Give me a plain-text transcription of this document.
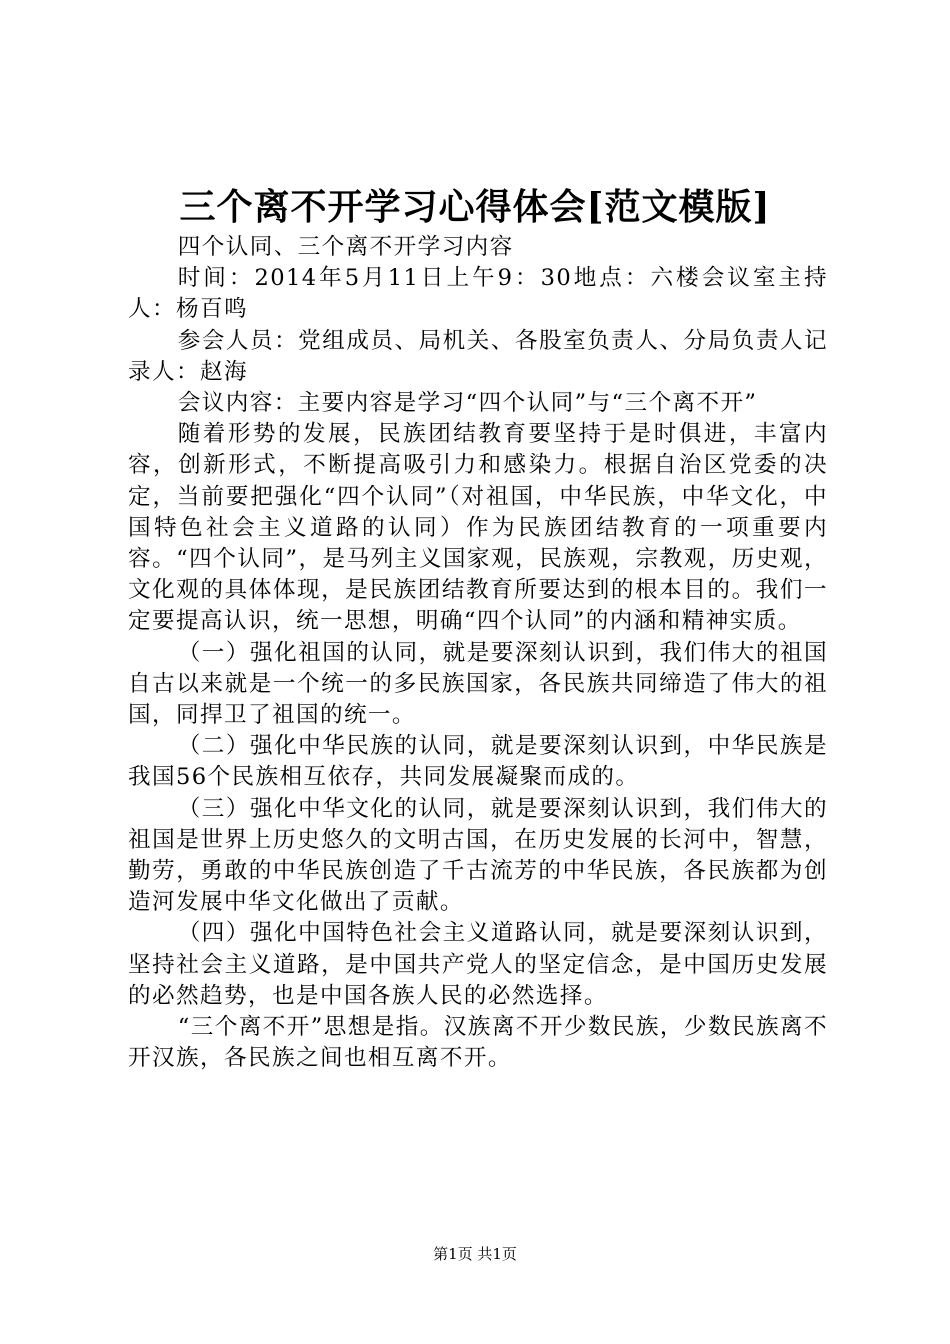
三个离不开学习心得体会[范文模版]

四个认同、三个离不开学习内容

时间：2014年5月11日上午9：30地点：六楼会议室主持人：杨百鸣

参会人员：党组成员、局机关、各股室负责人、分局负责人记录人：赵海

会议内容：主要内容是学习“四个认同”与“三个离不开”

随着形势的发展，民族团结教育要坚持于是时俱进，丰富内容，创新形式，不断提高吸引力和感染力。根据自治区党委的决定，当前要把强化“四个认同”（对祖国，中华民族，中华文化，中国特色社会主义道路的认同）作为民族团结教育的一项重要内容。“四个认同”，是马列主义国家观，民族观，宗教观，历史观，文化观的具体体现，是民族团结教育所要达到的根本目的。我们一定要提高认识，统一思想，明确“四个认同”的内涵和精神实质。

（一）强化祖国的认同，就是要深刻认识到，我们伟大的祖国自古以来就是一个统一的多民族国家，各民族共同缔造了伟大的祖国，同捍卫了祖国的统一。

（二）强化中华民族的认同，就是要深刻认识到，中华民族是我国56个民族相互依存，共同发展凝聚而成的。

（三）强化中华文化的认同，就是要深刻认识到，我们伟大的祖国是世界上历史悠久的文明古国，在历史发展的长河中，智慧，勤劳，勇敢的中华民族创造了千古流芳的中华民族，各民族都为创造河发展中华文化做出了贡献。

（四）强化中国特色社会主义道路认同，就是要深刻认识到，坚持社会主义道路，是中国共产党人的坚定信念，是中国历史发展的必然趋势，也是中国各族人民的必然选择。

“三个离不开”思想是指。汉族离不开少数民族，少数民族离不开汉族，各民族之间也相互离不开。

第1页 共1页
